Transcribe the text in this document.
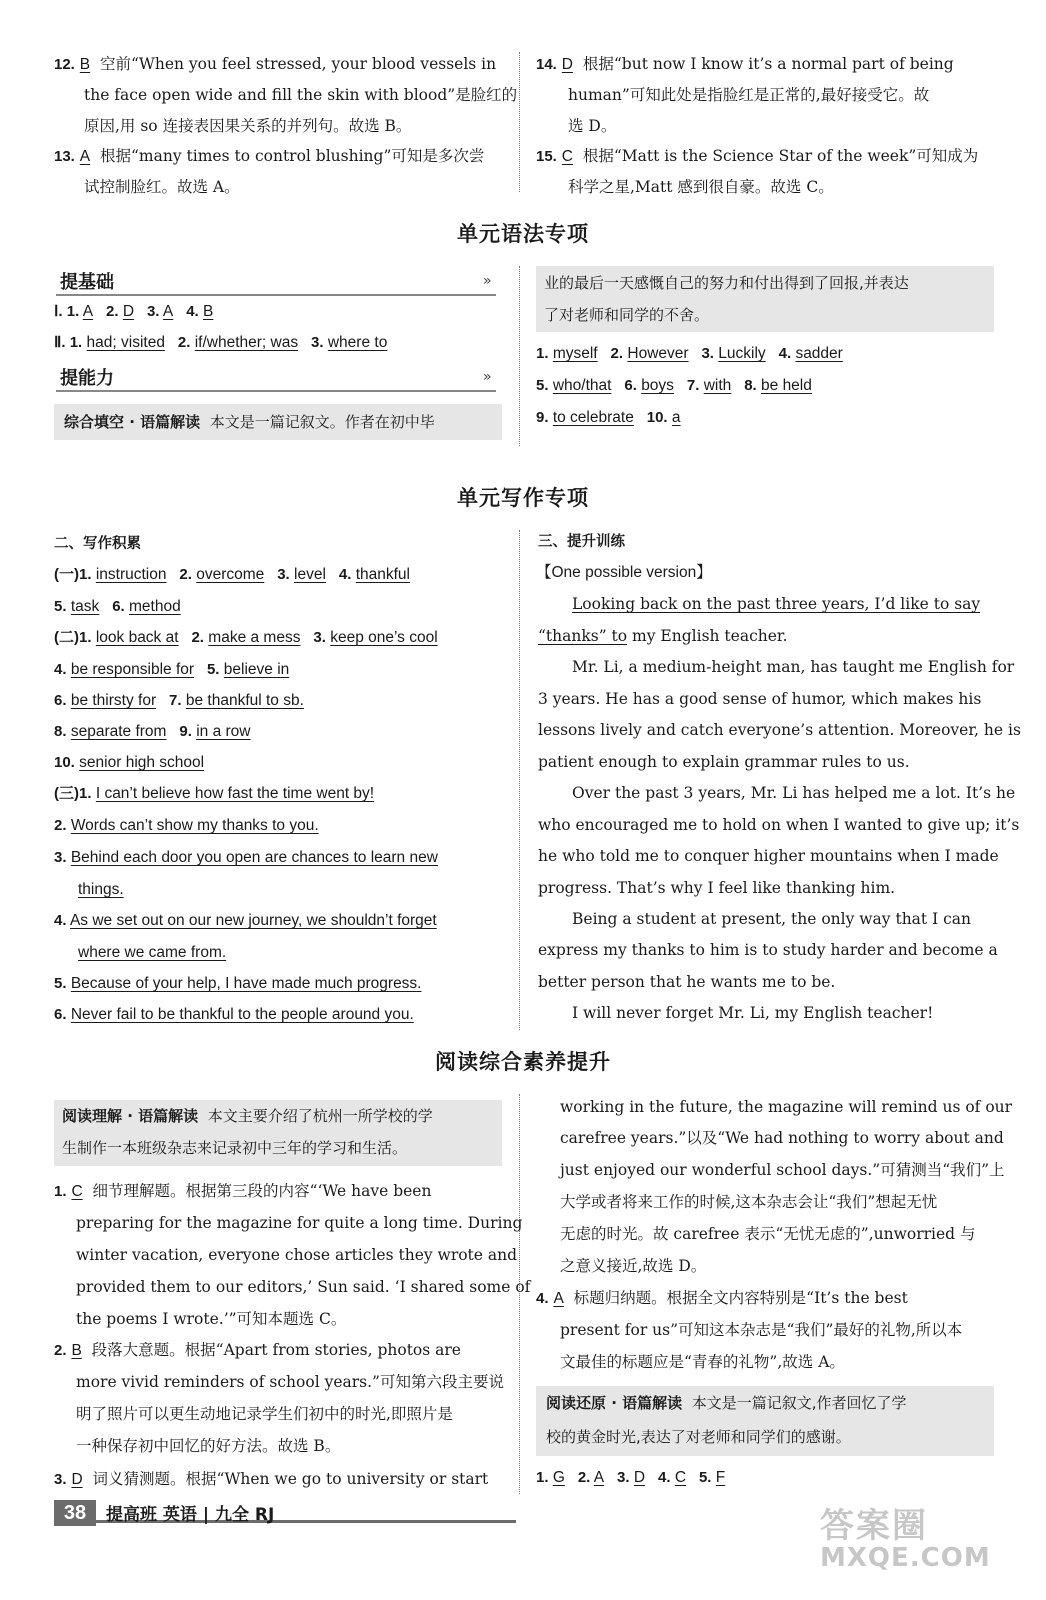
12. B 空前“When you feel stressed, your blood vessels in
the face open wide and fill the skin with blood”是脸红的
原因,用 so 连接表因果关系的并列句。故选 B。
13. A 根据“many times to control blushing”可知是多次尝
试控制脸红。故选 A。
14. D 根据“but now I know it’s a normal part of being
human”可知此处是指脸红是正常的,最好接受它。故
选 D。
15. C 根据“Matt is the Science Star of the week”可知成为
科学之星,Matt 感到很自豪。故选 C。
单元语法专项
提基础	»
Ⅰ. 1. A 2. D 3. A 4. B
Ⅱ. 1. had; visited 2. if/whether; was 3. where to
提能力	»
综合填空 · 语篇解读 本文是一篇记叙文。作者在初中毕
业的最后一天感慨自己的努力和付出得到了回报,并表达
了对老师和同学的不舍。
1. myself 2. However 3. Luckily 4. sadder
5. who/that 6. boys 7. with 8. be held
9. to celebrate 10. a
单元写作专项
二、写作积累
(一)1. instruction 2. overcome 3. level 4. thankful
5. task 6. method
(二)1. look back at 2. make a mess 3. keep one’s cool
4. be responsible for 5. believe in
6. be thirsty for 7. be thankful to sb.
8. separate from 9. in a row
10. senior high school
(三)1. I can’t believe how fast the time went by!
2. Words can’t show my thanks to you.
3. Behind each door you open are chances to learn new
things.
4. As we set out on our new journey, we shouldn’t forget
where we came from.
5. Because of your help, I have made much progress.
6. Never fail to be thankful to the people around you.
三、提升训练
【One possible version】
Looking back on the past three years, I’d like to say
“thanks” to my English teacher.
Mr. Li, a medium-height man, has taught me English for
3 years. He has a good sense of humor, which makes his
lessons lively and catch everyone’s attention. Moreover, he is
patient enough to explain grammar rules to us.
Over the past 3 years, Mr. Li has helped me a lot. It’s he
who encouraged me to hold on when I wanted to give up; it’s
he who told me to conquer higher mountains when I made
progress. That’s why I feel like thanking him.
Being a student at present, the only way that I can
express my thanks to him is to study harder and become a
better person that he wants me to be.
I will never forget Mr. Li, my English teacher!
阅读综合素养提升
阅读理解 · 语篇解读 本文主要介绍了杭州一所学校的学
生制作一本班级杂志来记录初中三年的学习和生活。
1. C 细节理解题。根据第三段的内容“‘We have been
preparing for the magazine for quite a long time. During
winter vacation, everyone chose articles they wrote and
provided them to our editors,’ Sun said. ‘I shared some of
the poems I wrote.’”可知本题选 C。
2. B 段落大意题。根据“Apart from stories, photos are
more vivid reminders of school years.”可知第六段主要说
明了照片可以更生动地记录学生们初中的时光,即照片是
一种保存初中回忆的好方法。故选 B。
3. D 词义猜测题。根据“When we go to university or start
working in the future, the magazine will remind us of our
carefree years.”以及“We had nothing to worry about and
just enjoyed our wonderful school days.”可猜测当“我们”上
大学或者将来工作的时候,这本杂志会让“我们”想起无忧
无虑的时光。故 carefree 表示“无忧无虑的”,unworried 与
之意义接近,故选 D。
4. A 标题归纳题。根据全文内容特别是“It’s the best
present for us”可知这本杂志是“我们”最好的礼物,所以本
文最佳的标题应是“青春的礼物”,故选 A。
阅读还原 · 语篇解读 本文是一篇记叙文,作者回忆了学
校的黄金时光,表达了对老师和同学们的感谢。
1. G 2. A 3. D 4. C 5. F
38	提高班 英语 | 九全 RJ	答案圈
MXQE.COM
